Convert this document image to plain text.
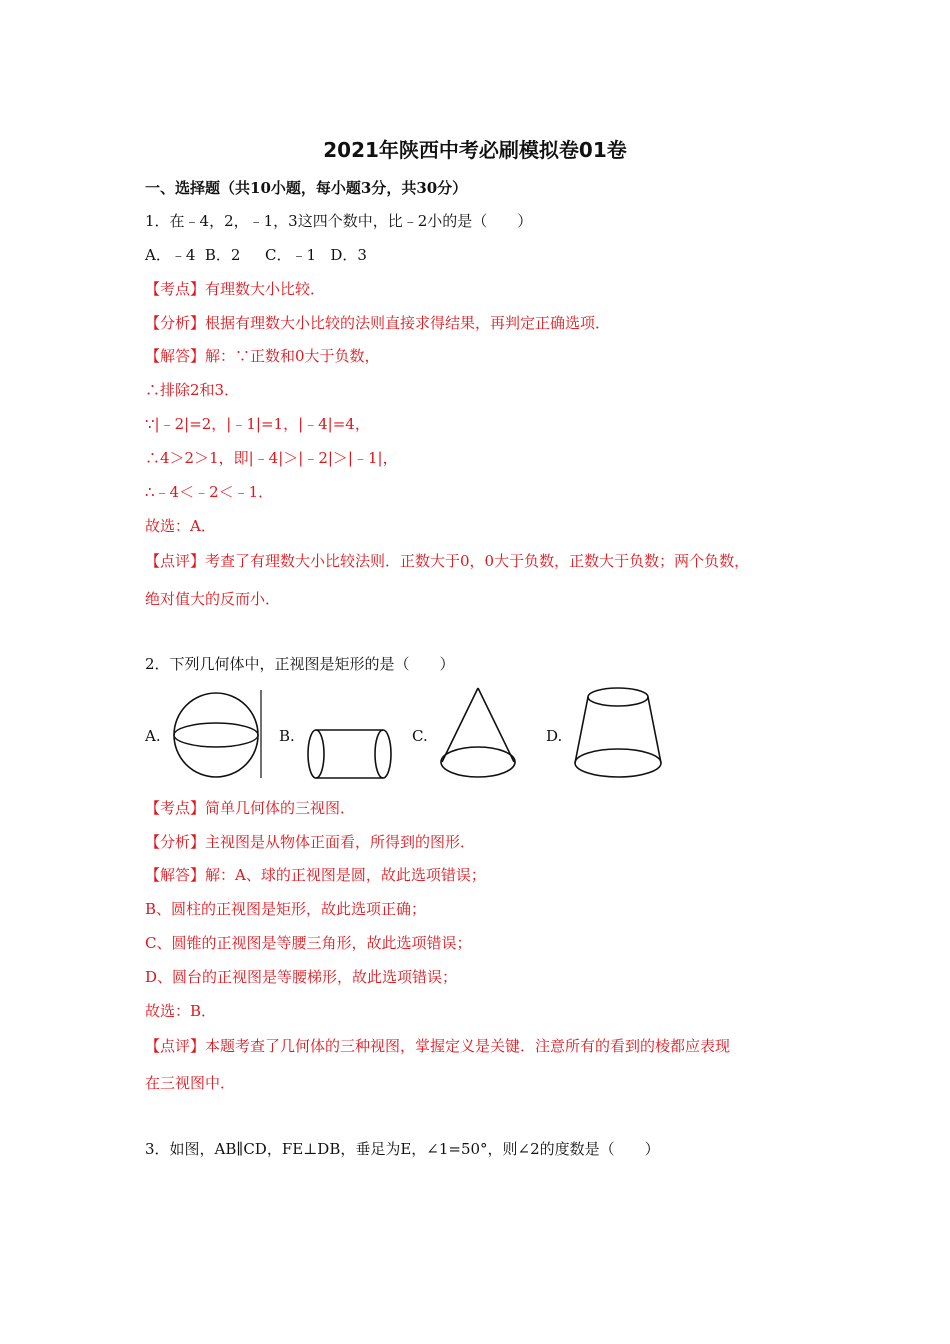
2021年陕西中考必刷模拟卷01卷
一、选择题（共10小题，每小题3分，共30分）
1．在﹣4，2，﹣1，3这四个数中，比﹣2小的是（　　）
A．﹣4  B．2　  C．﹣1   D．3
【考点】有理数大小比较．
【分析】根据有理数大小比较的法则直接求得结果，再判定正确选项．
【解答】解：∵正数和0大于负数，
∴排除2和3．
∵|﹣2|=2，|﹣1|=1，|﹣4|=4，
∴4＞2＞1，即|﹣4|＞|﹣2|＞|﹣1|，
∴﹣4＜﹣2＜﹣1．
故选：A．
【点评】考查了有理数大小比较法则．正数大于0，0大于负数，正数大于负数；两个负数，
绝对值大的反而小．
2．下列几何体中，正视图是矩形的是（　　）
A.	B.	C.	D.
【考点】简单几何体的三视图．
【分析】主视图是从物体正面看，所得到的图形．
【解答】解：A、球的正视图是圆，故此选项错误；
B、圆柱的正视图是矩形，故此选项正确；
C、圆锥的正视图是等腰三角形，故此选项错误；
D、圆台的正视图是等腰梯形，故此选项错误；
故选：B．
【点评】本题考查了几何体的三种视图，掌握定义是关键．注意所有的看到的棱都应表现
在三视图中．
3．如图，AB∥CD，FE⊥DB，垂足为E，∠1=50°，则∠2的度数是（　　）
